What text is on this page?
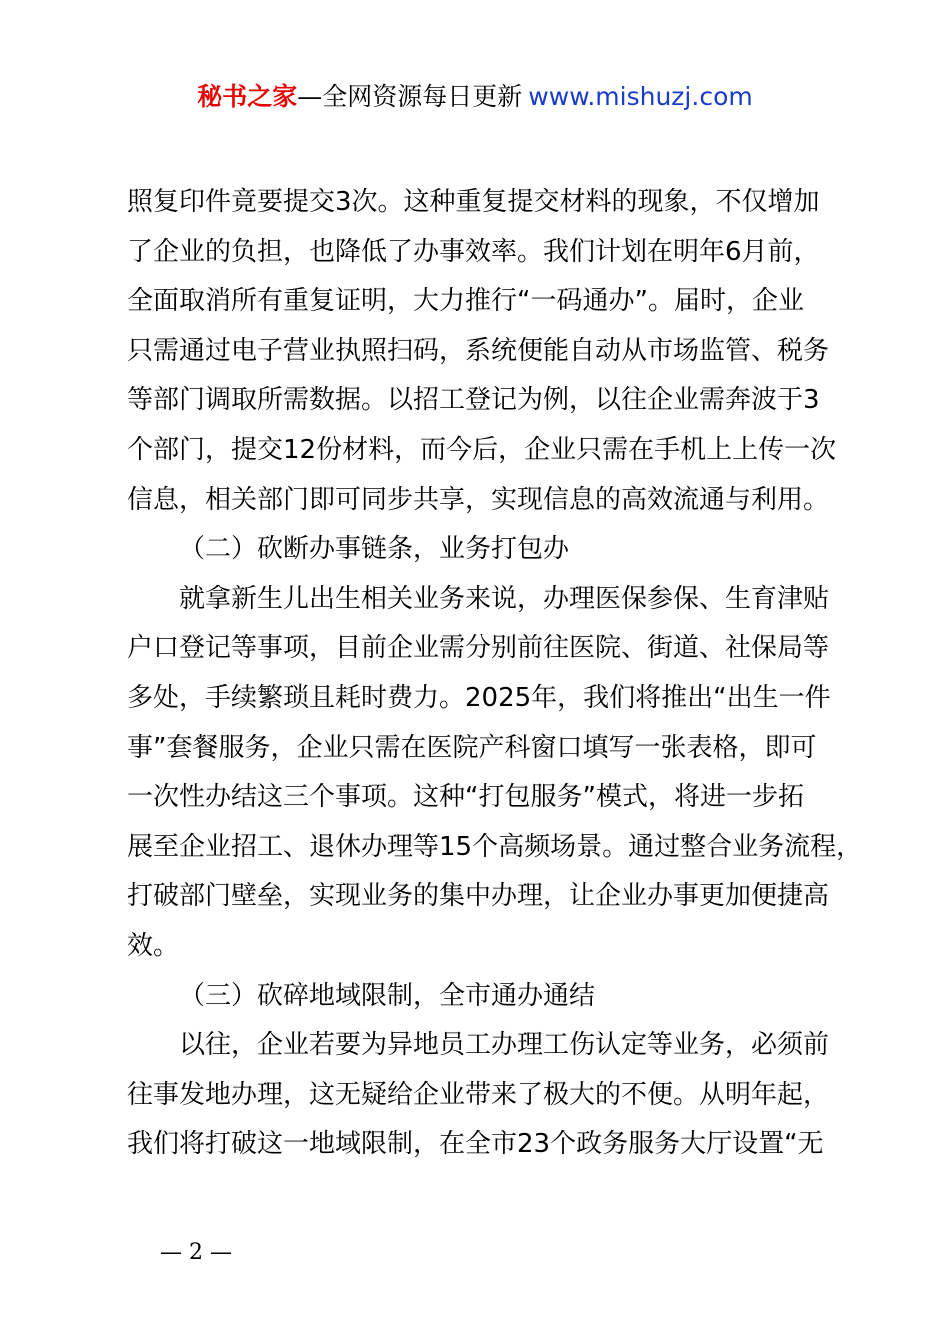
秘书之家—全网资源每日更新 www.mishuzj.com
照复印件竟要提交3次。这种重复提交材料的现象，不仅增加
了企业的负担，也降低了办事效率。我们计划在明年6月前，
全面取消所有重复证明，大力推行“一码通办”。届时，企业
只需通过电子营业执照扫码，系统便能自动从市场监管、税务
等部门调取所需数据。以招工登记为例，以往企业需奔波于3
个部门，提交12份材料，而今后，企业只需在手机上上传一次
信息，相关部门即可同步共享，实现信息的高效流通与利用。
（二）砍断办事链条，业务打包办
就拿新生儿出生相关业务来说，办理医保参保、生育津贴
户口登记等事项，目前企业需分别前往医院、街道、社保局等
多处，手续繁琐且耗时费力。2025年，我们将推出“出生一件
事”套餐服务，企业只需在医院产科窗口填写一张表格，即可
一次性办结这三个事项。这种“打包服务”模式，将进一步拓
展至企业招工、退休办理等15个高频场景。通过整合业务流程，
打破部门壁垒，实现业务的集中办理，让企业办事更加便捷高
效。
（三）砍碎地域限制，全市通办通结
以往，企业若要为异地员工办理工伤认定等业务，必须前
往事发地办理，这无疑给企业带来了极大的不便。从明年起，
我们将打破这一地域限制，在全市23个政务服务大厅设置“无
— 2 —
